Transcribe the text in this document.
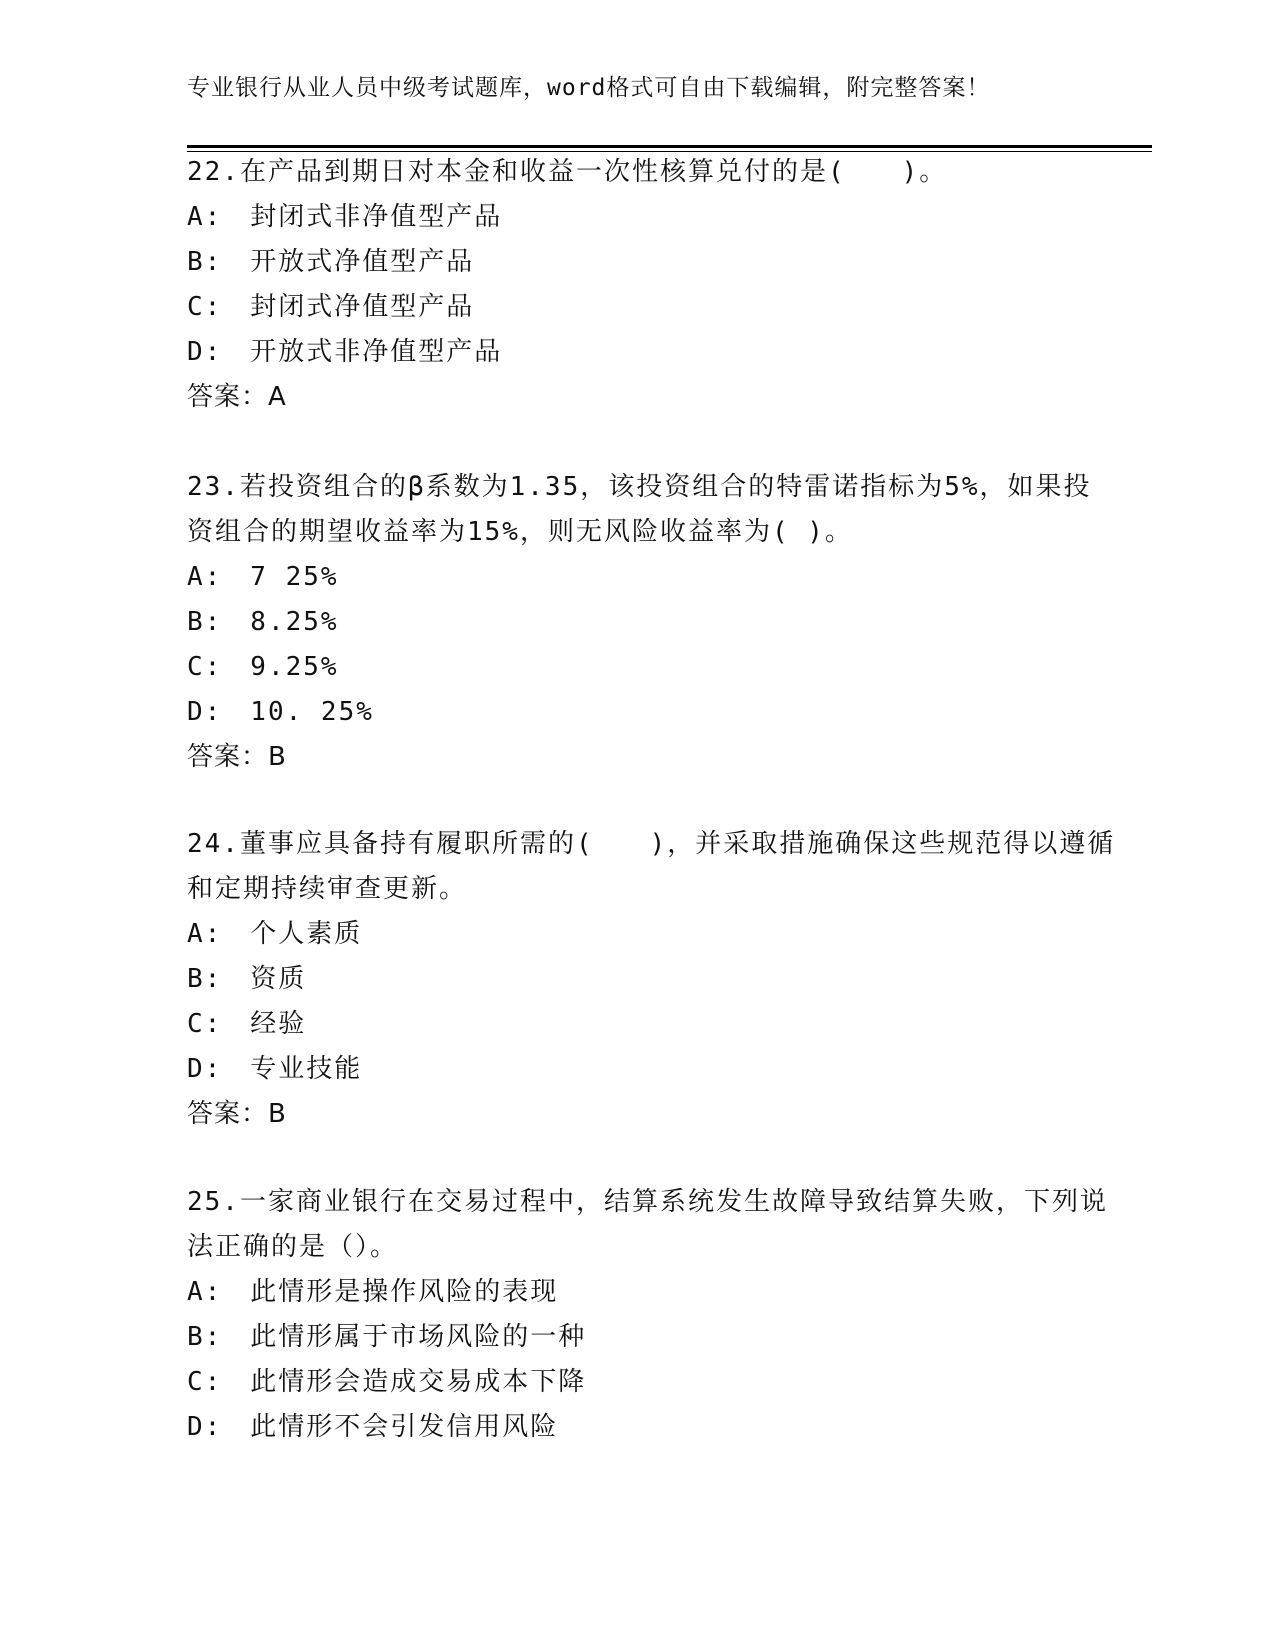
专业银行从业人员中级考试题库，word格式可自由下载编辑，附完整答案！
22.在产品到期日对本金和收益一次性核算兑付的是(　　)。
A:　封闭式非净值型产品
B:　开放式净值型产品
C:　封闭式净值型产品
D:　开放式非净值型产品
答案：A
23.若投资组合的β系数为1.35，该投资组合的特雷诺指标为5%，如果投资组合的期望收益率为15%，则无风险收益率为( )。
A:　7 25%
B:　8.25%
C:　9.25%
D:　10. 25%
答案：B
24.董事应具备持有履职所需的(　　)，并采取措施确保这些规范得以遵循和定期持续审查更新。
A:　个人素质
B:　资质
C:　经验
D:　专业技能
答案：B
25.一家商业银行在交易过程中，结算系统发生故障导致结算失败，下列说法正确的是（）。
A:　此情形是操作风险的表现
B:　此情形属于市场风险的一种
C:　此情形会造成交易成本下降
D:　此情形不会引发信用风险
